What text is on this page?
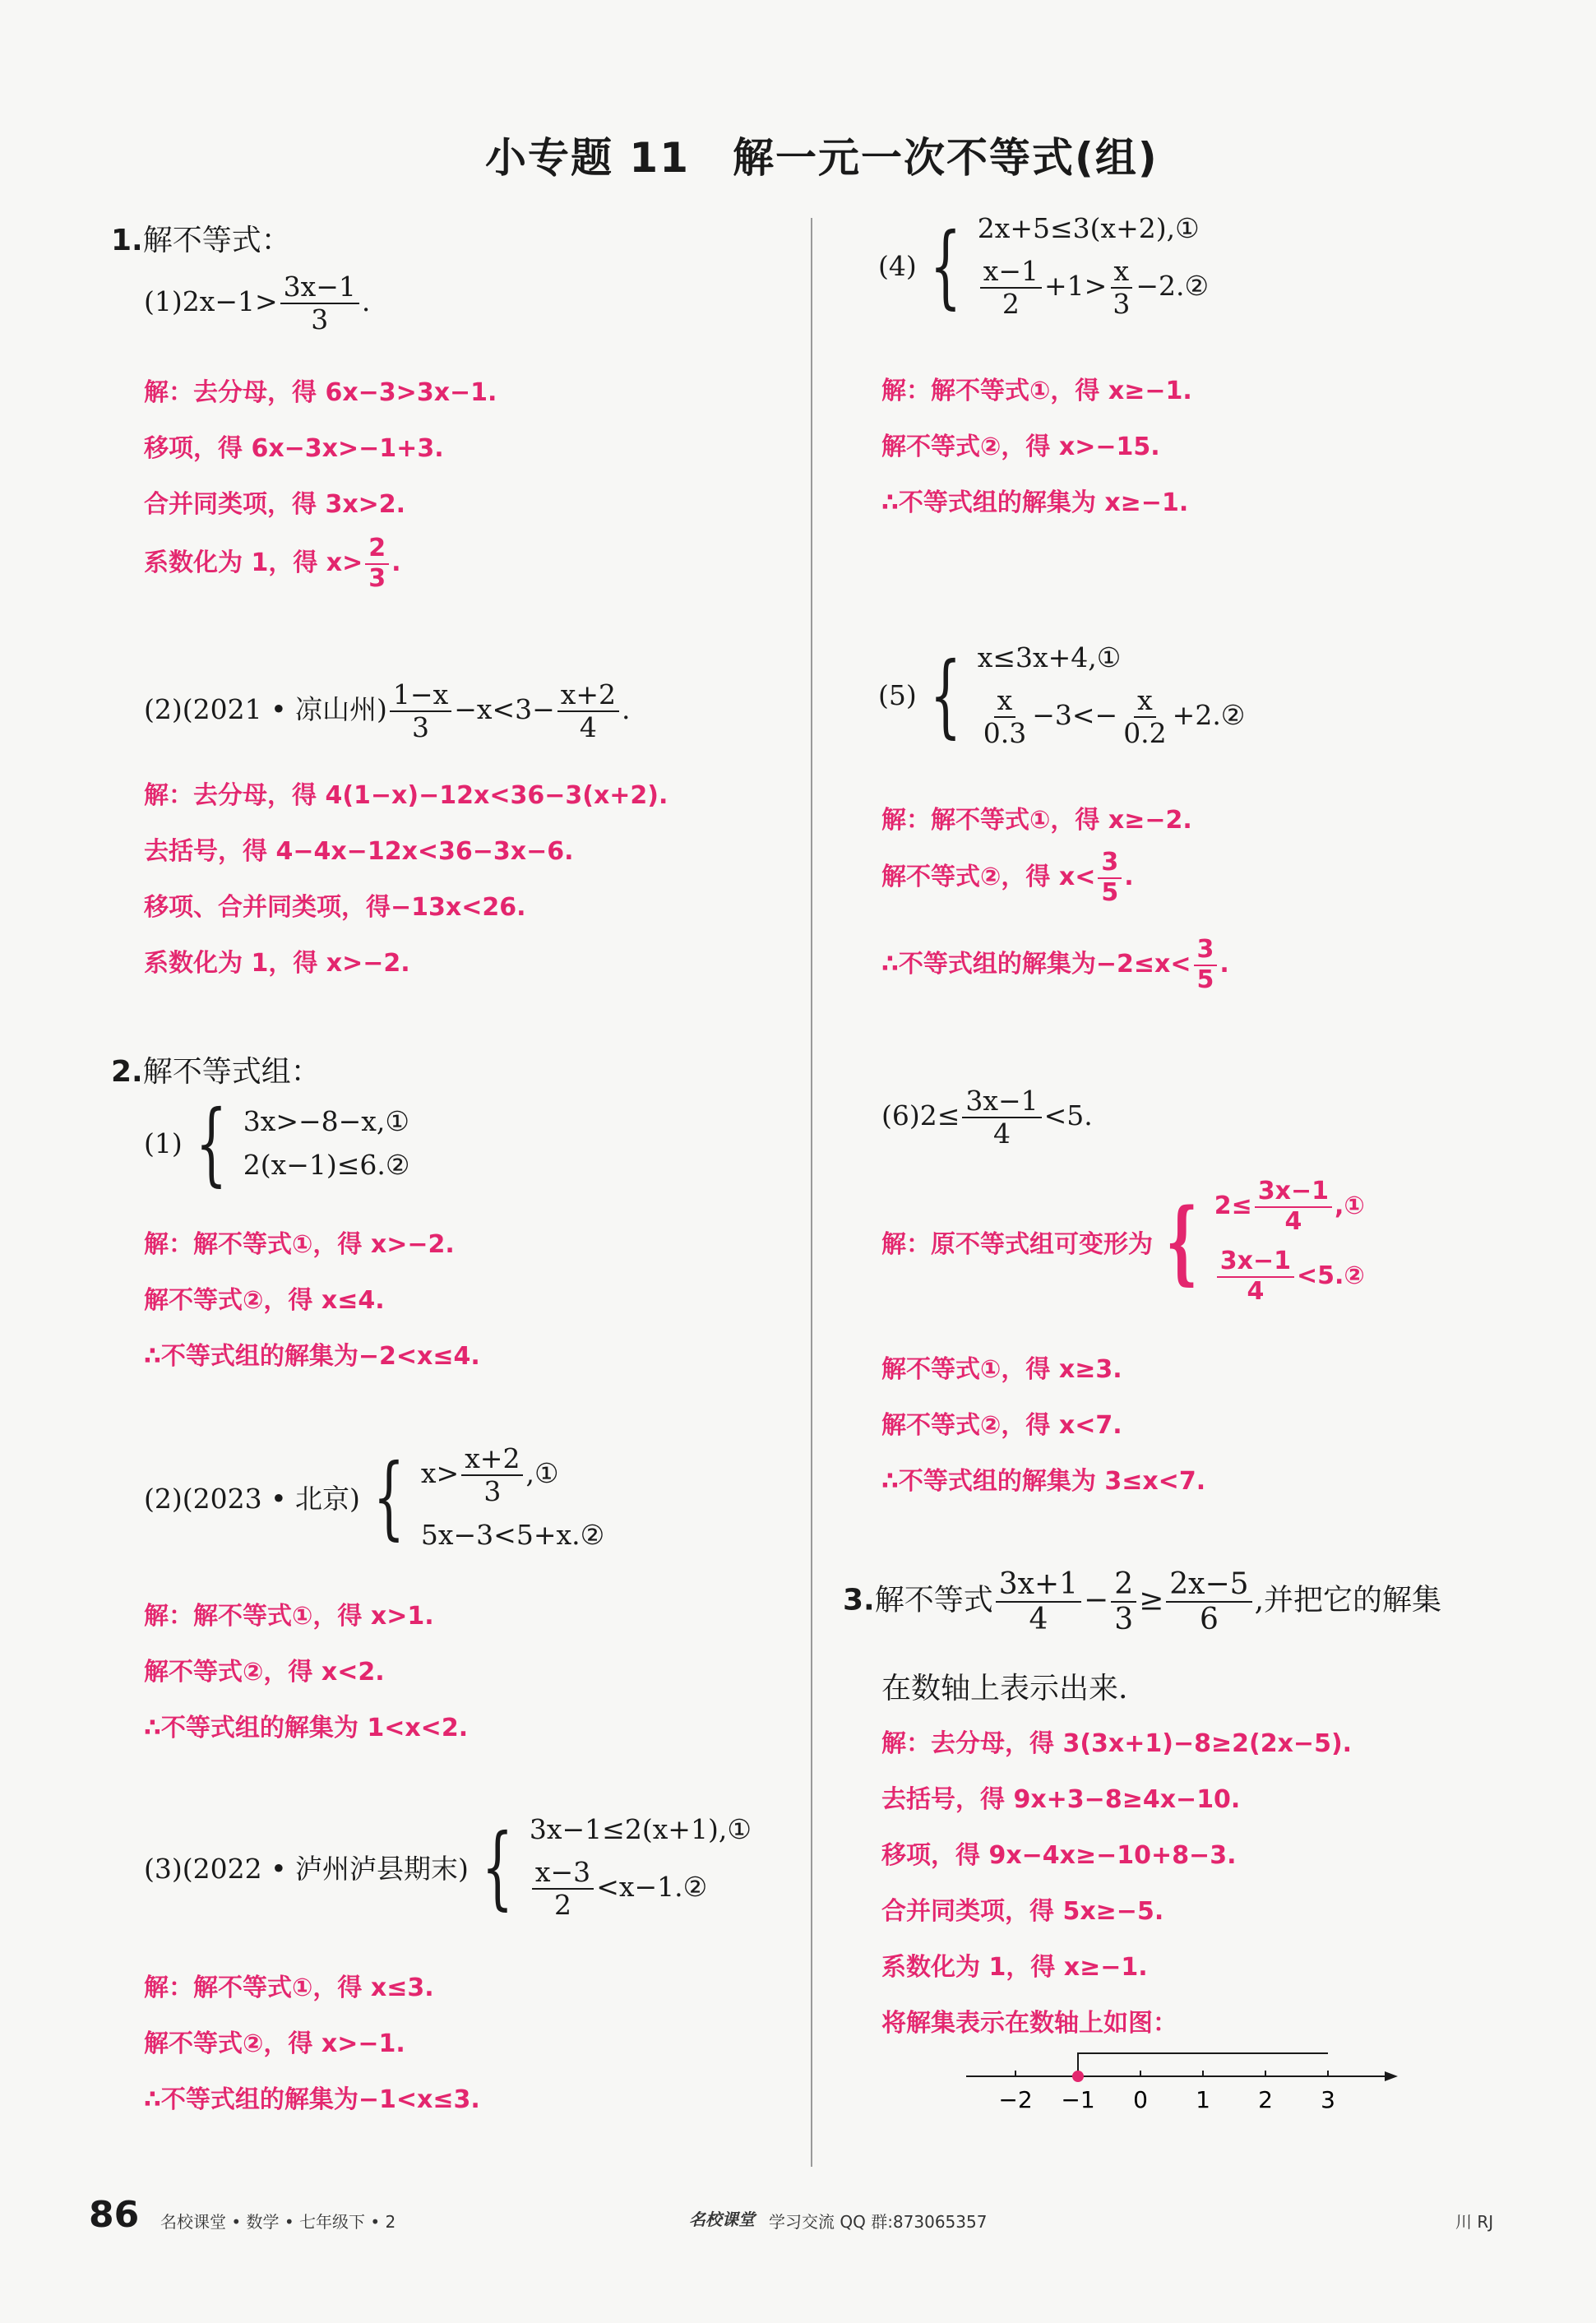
小专题 11　解一元一次不等式(组)
1.解不等式：
$(1)2x-1> \frac{3x-1}{3}$ .
解：去分母，得 6x−3>3x−1.
移项，得 6x−3x>−1+3.
合并同类项，得 3x>2.
系数化为 1，得 $x> \frac{2}{3}$ .
(2)(2021 • 凉山州) $\frac{1-x}{3} -x<3- \frac{x+2}{4}$ .
解：去分母，得 4(1−x)−12x<36−3(x+2).
去括号，得 4−4x−12x<36−3x−6.
移项、合并同类项，得−13x<26.
系数化为 1，得 x>−2.
2.解不等式组：
(1) { 3x>−8−x,①
2(x−1)≤6.②
解：解不等式①，得 x>−2.
解不等式②，得 x≤4.
∴不等式组的解集为−2<x≤4.
(2)(2023 • 北京) { $x> \frac{x+2}{3}$ ,①
5x−3<5+x.②
解：解不等式①，得 x>1.
解不等式②，得 x<2.
∴不等式组的解集为 1<x<2.
(3)(2022 • 泸州泸县期末) { 3x−1≤2(x+1),①
$\frac{x-3}{2}$ <x−1.②
解：解不等式①，得 x≤3.
解不等式②，得 x>−1.
∴不等式组的解集为−1<x≤3.
(4) { 2x+5≤3(x+2),①
$\frac{x-1}{2} +1> \frac{x}{3}$ −2.②
解：解不等式①，得 x≥−1.
解不等式②，得 x>−15.
∴不等式组的解集为 x≥−1.
(5) { x≤3x+4,①
$\frac{x}{0.3} -3<- \frac{x}{0.2}$ +2.②
解：解不等式①，得 x≥−2.
解不等式②，得 $x< \frac{3}{5}$ .
∴不等式组的解集为$-2\le x< \frac{3}{5}$ .
$(6)2\le \frac{3x-1}{4} <5$.
解：原不等式组可变形为 { $2\le \frac{3x-1}{4}$ ,①
$\frac{3x-1}{4}$ <5.②
解不等式①，得 x≥3.
解不等式②，得 x<7.
∴不等式组的解集为 3≤x<7.
3.解不等式 $\frac{3x+1}{4} - \frac{2}{3} \ge \frac{2x-5}{6}$ ,并把它的解集
在数轴上表示出来.
解：去分母，得 3(3x+1)−8≥2(2x−5).
去括号，得 9x+3−8≥4x−10.
移项，得 9x−4x≥−10+8−3.
合并同类项，得 5x≥−5.
系数化为 1，得 x≥−1.
将解集表示在数轴上如图：
−2 −1 0 1 2 3
86 名校课堂 • 数学 • 七年级下 • 2	名校课堂 学习交流 QQ 群:873065357	川 RJ
